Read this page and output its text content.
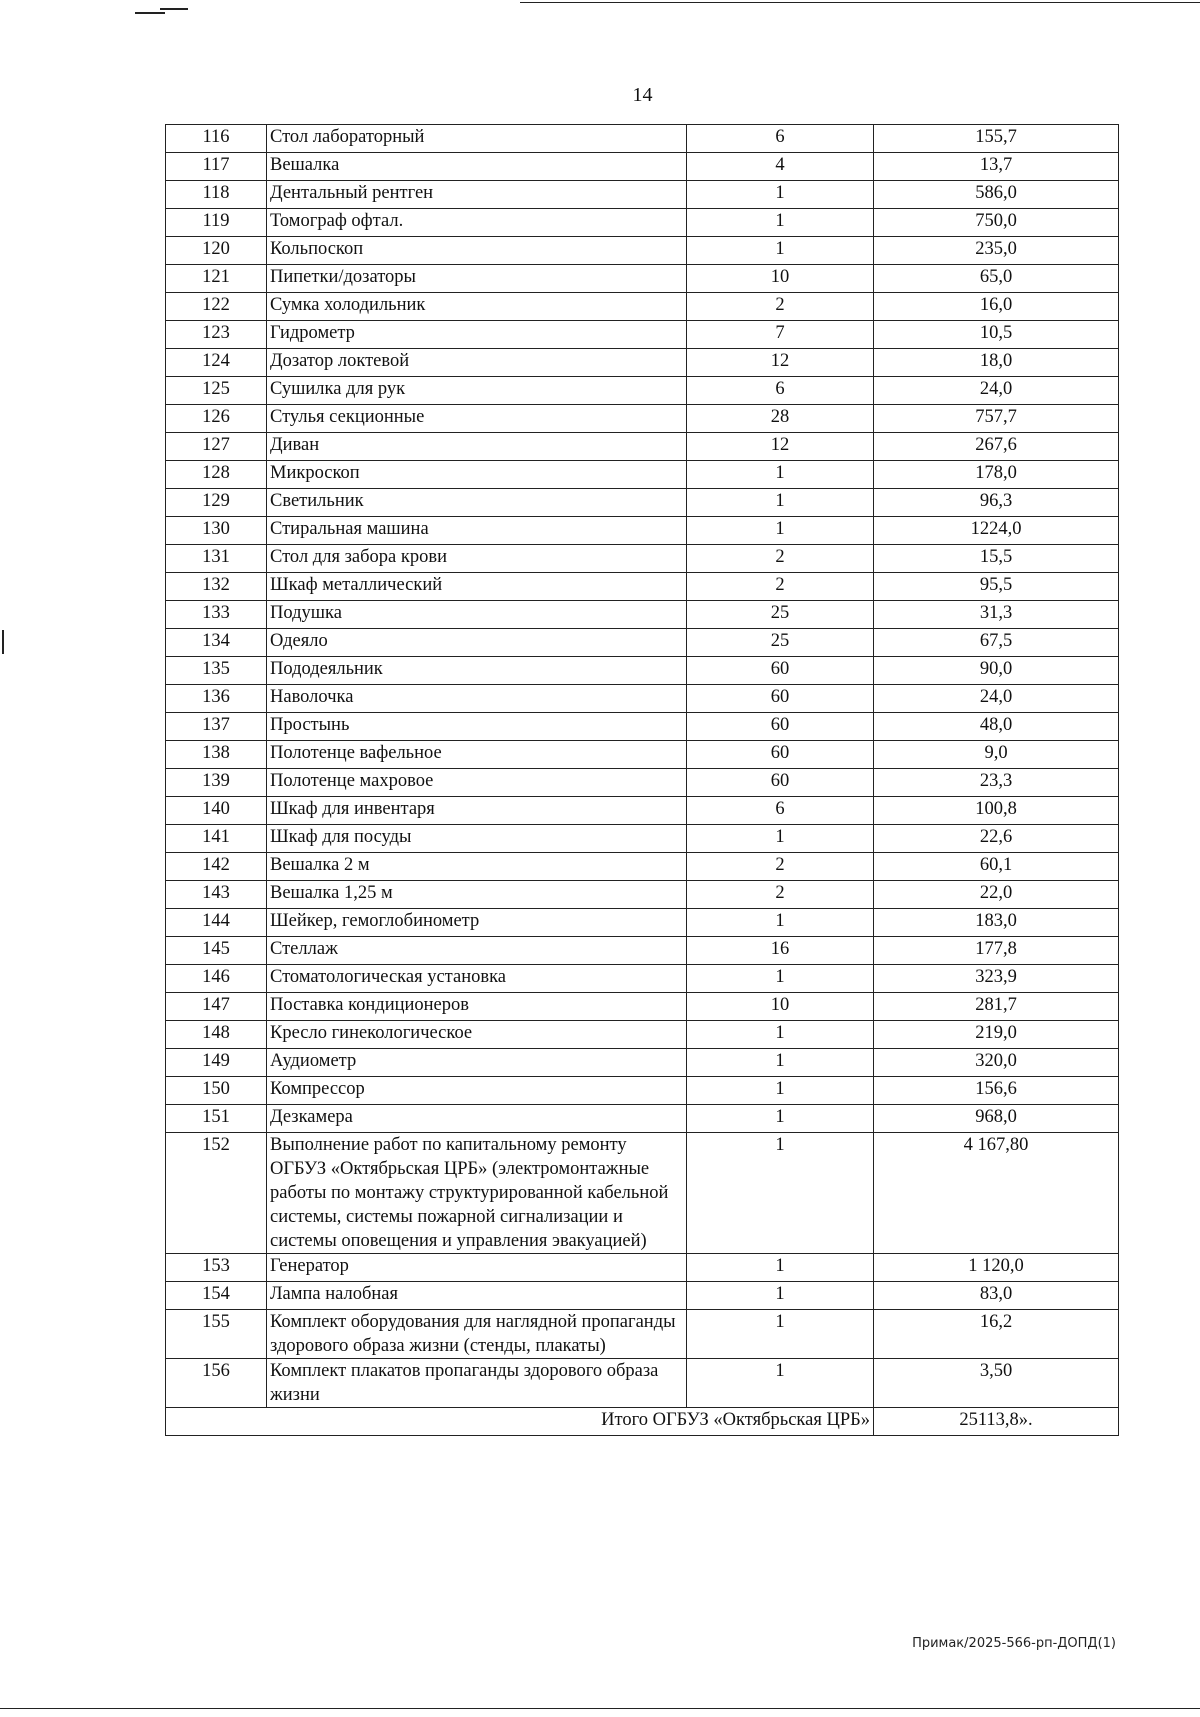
14
116	Стол лабораторный	6	155,7
117	Вешалка	4	13,7
118	Дентальный рентген	1	586,0
119	Томограф офтал.	1	750,0
120	Кольпоскоп	1	235,0
121	Пипетки/дозаторы	10	65,0
122	Сумка холодильник	2	16,0
123	Гидрометр	7	10,5
124	Дозатор локтевой	12	18,0
125	Сушилка для рук	6	24,0
126	Стулья секционные	28	757,7
127	Диван	12	267,6
128	Микроскоп	1	178,0
129	Светильник	1	96,3
130	Стиральная машина	1	1224,0
131	Стол для забора крови	2	15,5
132	Шкаф металлический	2	95,5
133	Подушка	25	31,3
134	Одеяло	25	67,5
135	Пододеяльник	60	90,0
136	Наволочка	60	24,0
137	Простынь	60	48,0
138	Полотенце вафельное	60	9,0
139	Полотенце махровое	60	23,3
140	Шкаф для инвентаря	6	100,8
141	Шкаф для посуды	1	22,6
142	Вешалка 2 м	2	60,1
143	Вешалка 1,25 м	2	22,0
144	Шейкер, гемоглобинометр	1	183,0
145	Стеллаж	16	177,8
146	Стоматологическая установка	1	323,9
147	Поставка кондиционеров	10	281,7
148	Кресло гинекологическое	1	219,0
149	Аудиометр	1	320,0
150	Компрессор	1	156,6
151	Дезкамера	1	968,0
152	Выполнение работ по капитальному ремонту ОГБУЗ «Октябрьская ЦРБ» (электромонтажные работы по монтажу структурированной кабельной системы, системы пожарной сигнализации и системы оповещения и управления эвакуацией)	1	4 167,80
153	Генератор	1	1 120,0
154	Лампа налобная	1	83,0
155	Комплект оборудования для наглядной пропаганды здорового образа жизни (стенды, плакаты)	1	16,2
156	Комплект плакатов пропаганды здорового образа жизни	1	3,50
Итого ОГБУЗ «Октябрьская ЦРБ»			25113,8».
Примак/2025-566-рп-ДОПД(1)
